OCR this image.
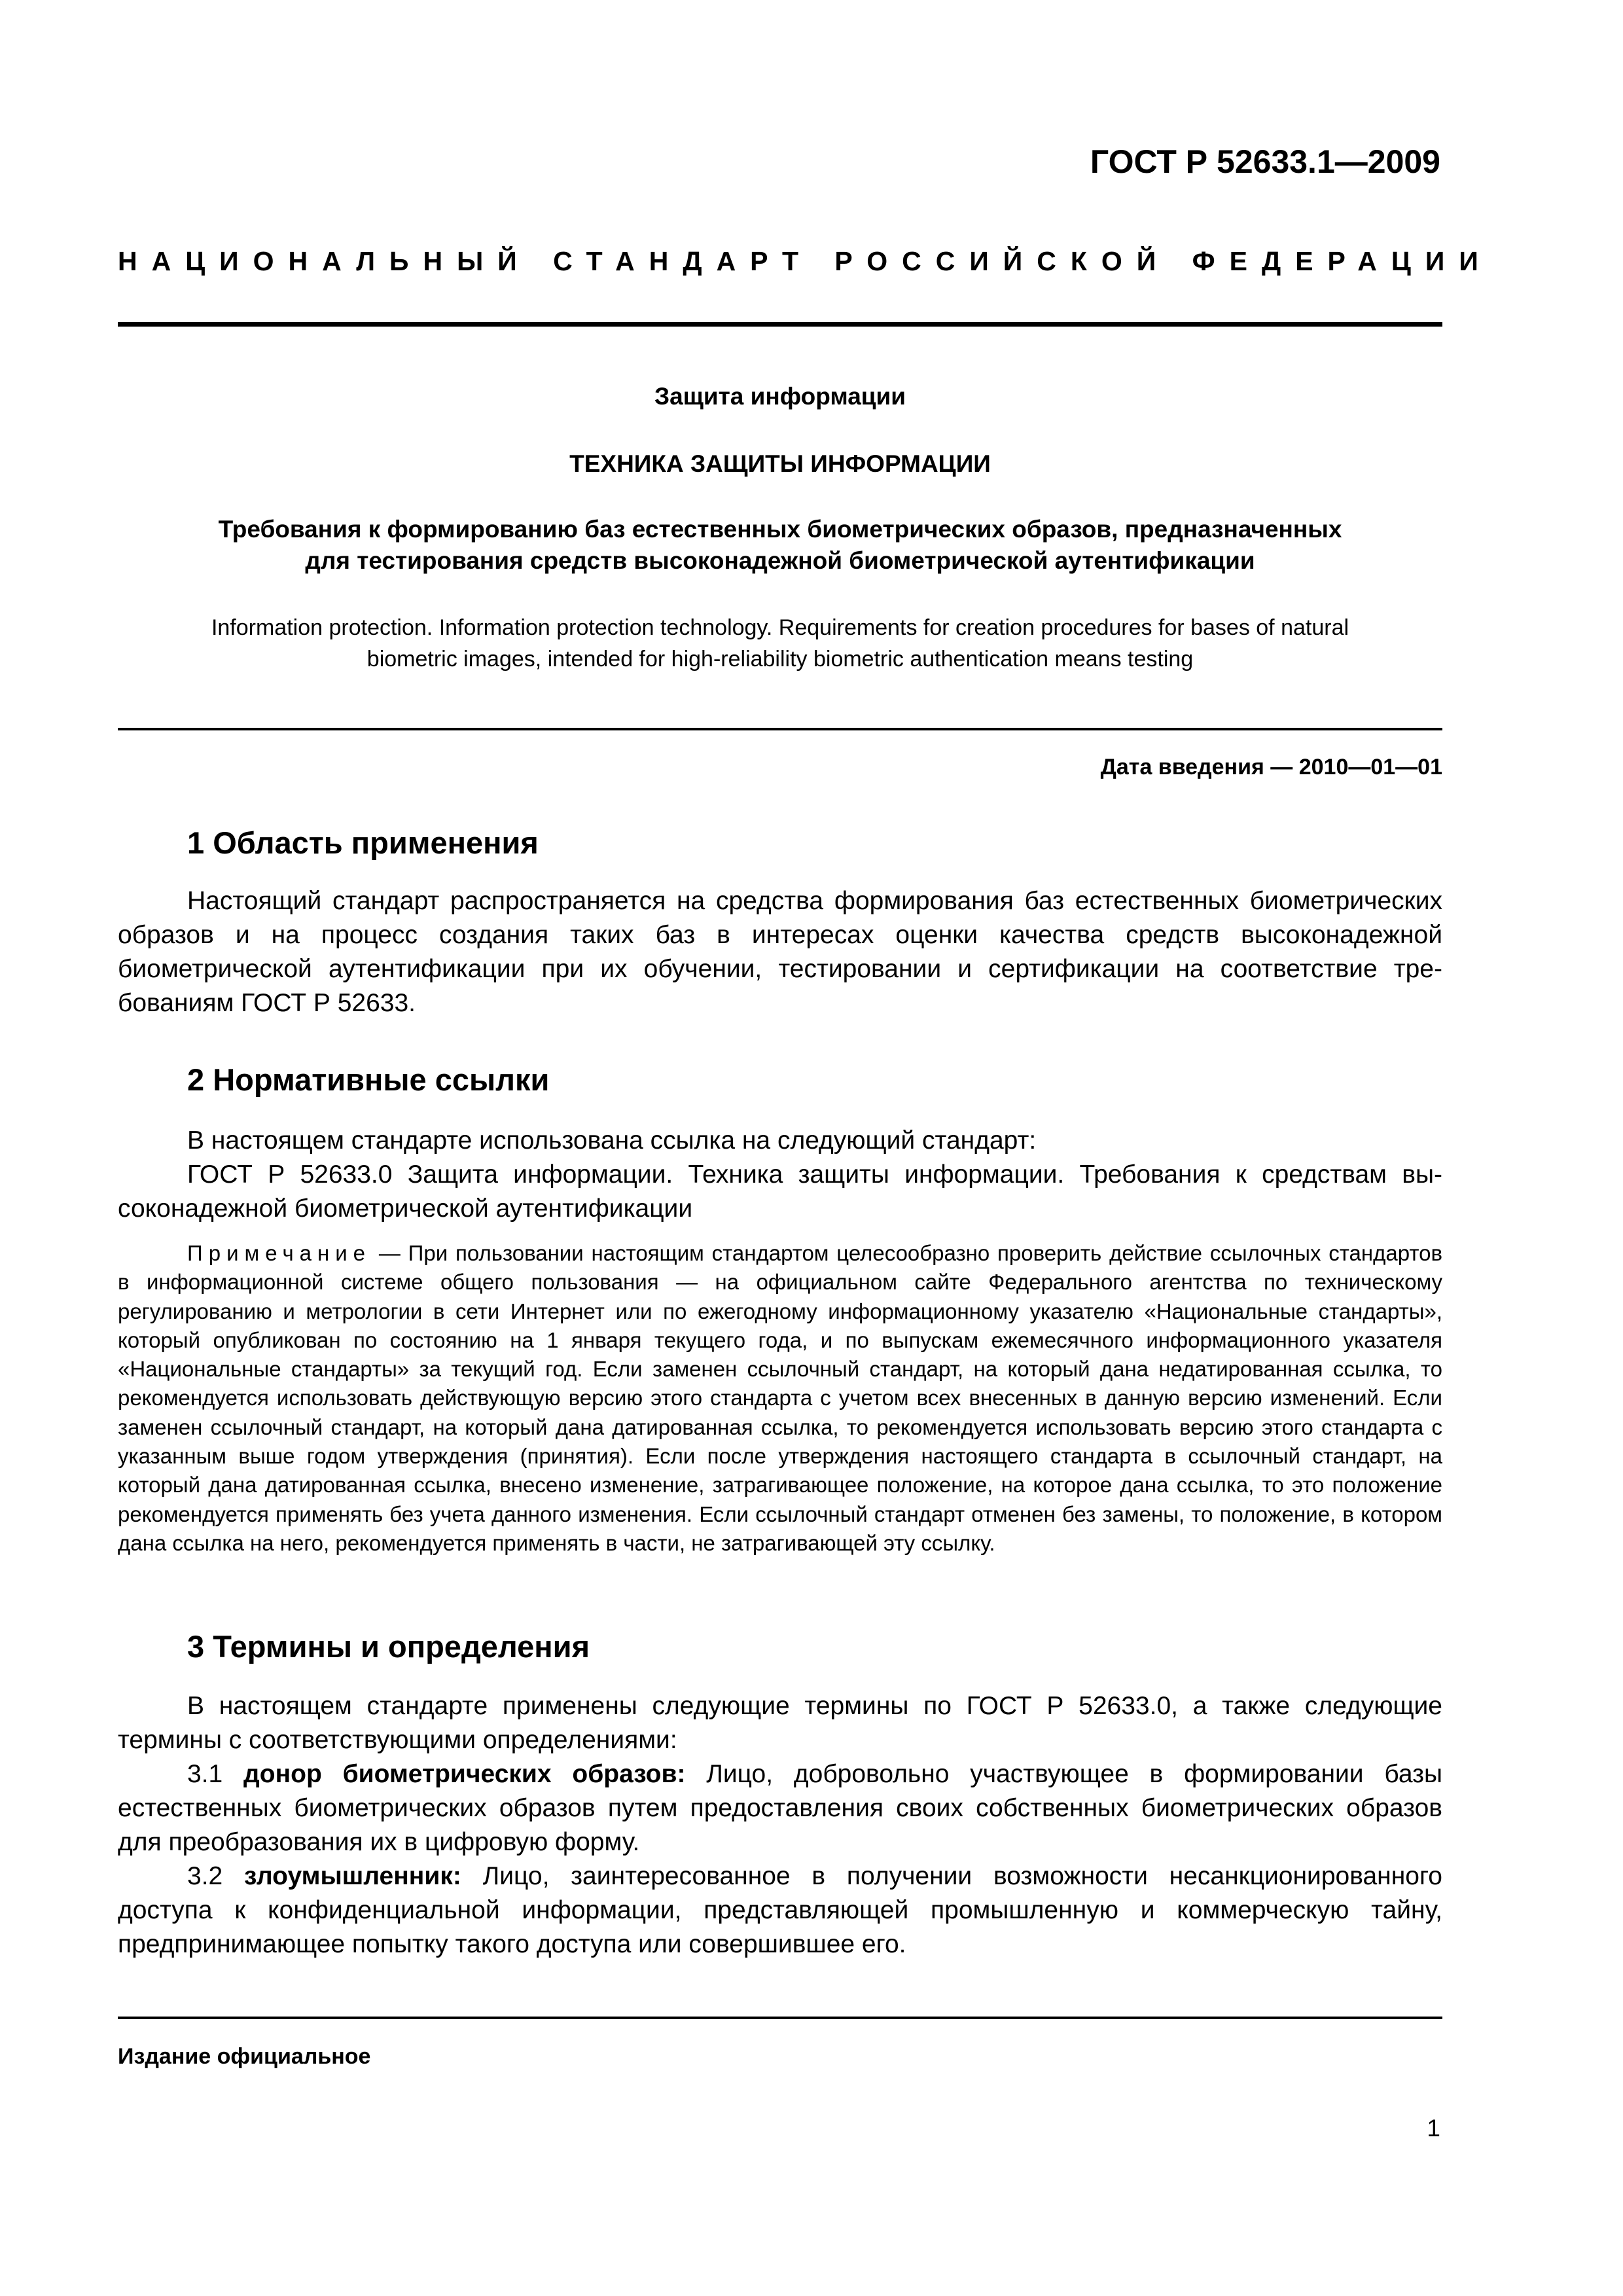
ГОСТ Р 52633.1—2009
НАЦИОНАЛЬНЫЙ СТАНДАРТ РОССИЙСКОЙ ФЕДЕРАЦИИ
Защита информации
ТЕХНИКА ЗАЩИТЫ ИНФОРМАЦИИ
Требования к формированию баз естественных биометрических образов, предназначенных
для тестирования средств высоконадежной биометрической аутентификации
Information protection. Information protection technology. Requirements for creation procedures for bases of natural
biometric images, intended for high-reliability biometric authentication means testing
Дата введения — 2010—01—01
1 Область применения
Настоящий стандарт распространяется на средства формирования баз естественных биометрических образов и на процесс создания таких баз в интересах оценки качества средств высоконадежной биометрической аутентификации при их обучении, тестировании и сертификации на соответствие требованиям ГОСТ Р 52633.
2 Нормативные ссылки
В настоящем стандарте использована ссылка на следующий стандарт:
ГОСТ Р 52633.0 Защита информации. Техника защиты информации. Требования к средствам высоконадежной биометрической аутентификации
Примечание — При пользовании настоящим стандартом целесообразно проверить действие ссылочных стандартов в информационной системе общего пользования — на официальном сайте Федерального агентства по техническому регулированию и метрологии в сети Интернет или по ежегодному информационному указателю «Национальные стандарты», который опубликован по состоянию на 1 января текущего года, и по выпускам ежемесячного информационного указателя «Национальные стандарты» за текущий год. Если заменен ссылочный стандарт, на который дана недатированная ссылка, то рекомендуется использовать действующую версию этого стандарта с учетом всех внесенных в данную версию изменений. Если заменен ссылочный стандарт, на который дана датированная ссылка, то рекомендуется использовать версию этого стандарта с указанным выше годом утверждения (принятия). Если после утверждения настоящего стандарта в ссылочный стандарт, на который дана датированная ссылка, внесено изменение, затрагивающее положение, на которое дана ссылка, то это положение рекомендуется применять без учета данного изменения. Если ссылочный стандарт отменен без замены, то положение, в котором дана ссылка на него, рекомендуется применять в части, не затрагивающей эту ссылку.
3 Термины и определения
В настоящем стандарте применены следующие термины по ГОСТ Р 52633.0, а также следующие термины с соответствующими определениями:
3.1 донор биометрических образов: Лицо, добровольно участвующее в формировании базы естественных биометрических образов путем предоставления своих собственных биометрических образов для преобразования их в цифровую форму.
3.2 злоумышленник: Лицо, заинтересованное в получении возможности несанкционированного доступа к конфиденциальной информации, представляющей промышленную и коммерческую тайну, предпринимающее попытку такого доступа или совершившее его.
Издание официальное
1
